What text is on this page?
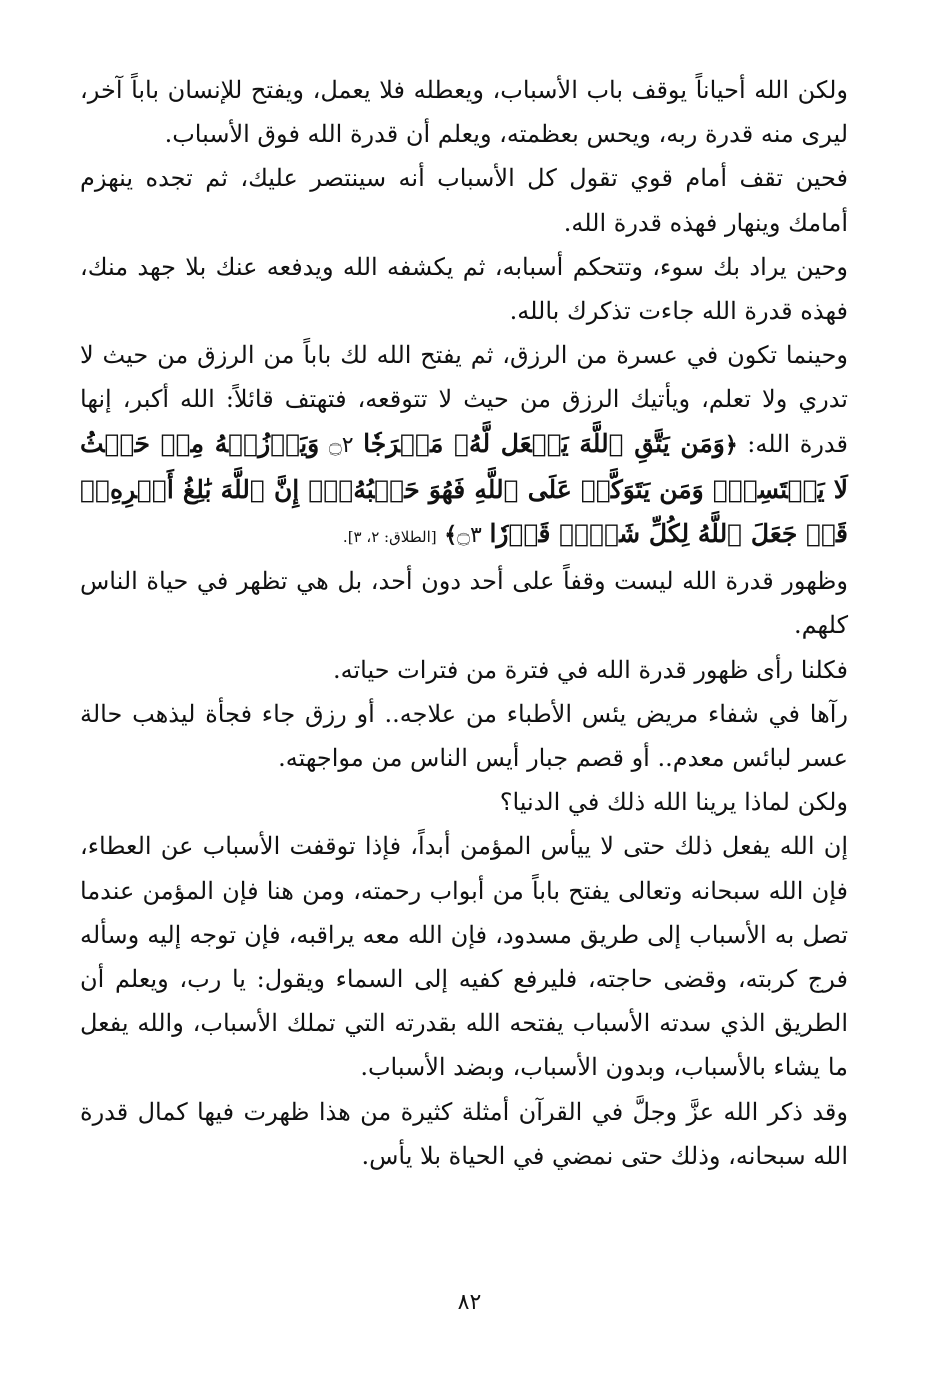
ولكن الله أحياناً يوقف باب الأسباب، ويعطله فلا يعمل، ويفتح للإنسان باباً آخر، ليرى منه قدرة ربه، ويحس بعظمته، ويعلم أن قدرة الله فوق الأسباب.

فحين تقف أمام قوي تقول كل الأسباب أنه سينتصر عليك، ثم تجده ينهزم أمامك وينهار فهذه قدرة الله.

وحين يراد بك سوء، وتتحكم أسبابه، ثم يكشفه الله ويدفعه عنك بلا جهد منك، فهذه قدرة الله جاءت تذكرك بالله.

وحينما تكون في عسرة من الرزق، ثم يفتح الله لك باباً من الرزق من حيث لا تدري ولا تعلم، ويأتيك الرزق من حيث لا تتوقعه، فتهتف قائلاً: الله أكبر، إنها قدرة الله: ﴿وَمَن يَتَّقِ ٱللَّهَ يَجۡعَل لَّهُۥ مَخۡرَجٗا ۝٢ وَيَرۡزُقۡهُ مِنۡ حَيۡثُ لَا يَحۡتَسِبُۚ وَمَن يَتَوَكَّلۡ عَلَى ٱللَّهِ فَهُوَ حَسۡبُهُۥٓۚ إِنَّ ٱللَّهَ بَٰلِغُ أَمۡرِهِۦۚ قَدۡ جَعَلَ ٱللَّهُ لِكُلِّ شَيۡءٖ قَدۡرٗا ۝٣﴾ [الطلاق: ٢، ٣].

وظهور قدرة الله ليست وقفاً على أحد دون أحد، بل هي تظهر في حياة الناس كلهم.

فكلنا رأى ظهور قدرة الله في فترة من فترات حياته.

رآها في شفاء مريض يئس الأطباء من علاجه.. أو رزق جاء فجأة ليذهب حالة عسر لبائس معدم.. أو قصم جبار أيس الناس من مواجهته.

ولكن لماذا يرينا الله ذلك في الدنيا؟

إن الله يفعل ذلك حتى لا ييأس المؤمن أبداً، فإذا توقفت الأسباب عن العطاء، فإن الله سبحانه وتعالى يفتح باباً من أبواب رحمته، ومن هنا فإن المؤمن عندما تصل به الأسباب إلى طريق مسدود، فإن الله معه يراقبه، فإن توجه إليه وسأله فرج كربته، وقضى حاجته، فليرفع كفيه إلى السماء ويقول: يا رب، ويعلم أن الطريق الذي سدته الأسباب يفتحه الله بقدرته التي تملك الأسباب، والله يفعل ما يشاء بالأسباب، وبدون الأسباب، وبضد الأسباب.

وقد ذكر الله عزَّ وجلَّ في القرآن أمثلة كثيرة من هذا ظهرت فيها كمال قدرة الله سبحانه، وذلك حتى نمضي في الحياة بلا يأس.

٨٢
